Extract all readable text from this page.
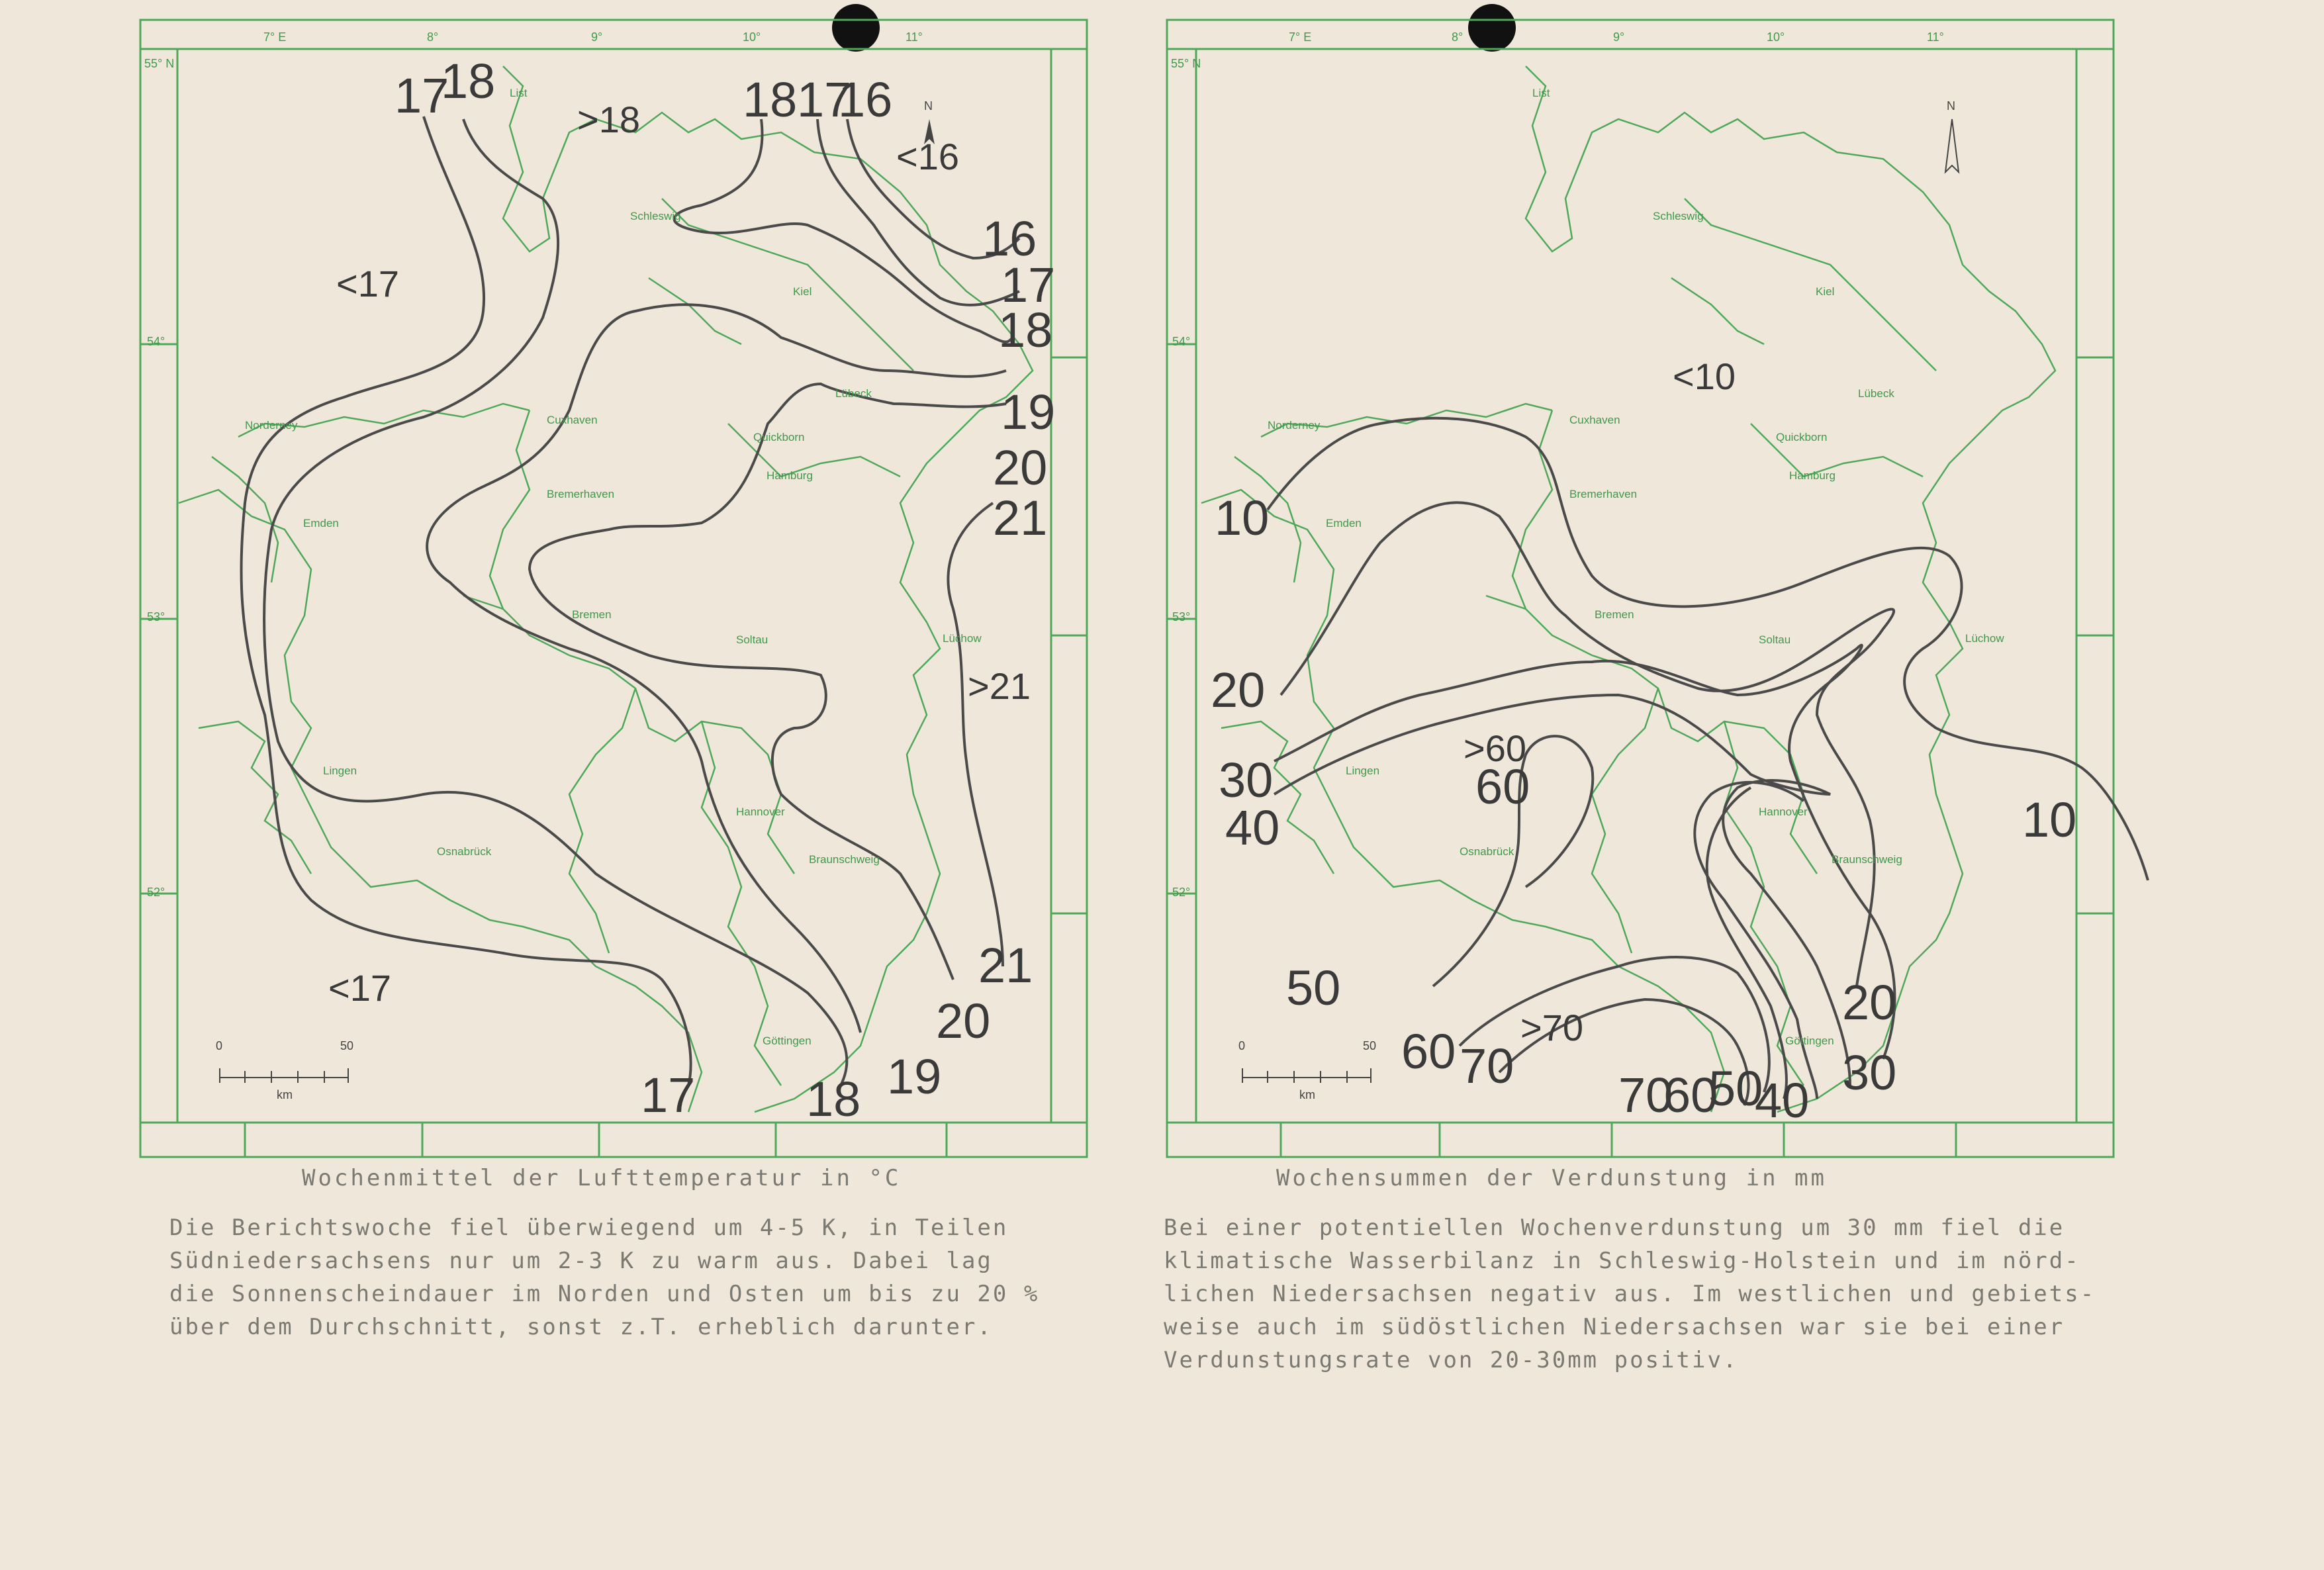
7° E	8°	9°	10°	11°
55° N
54°
53°
52°
17
18
>18 18 17
16
<16
16
17
18
19
20
21
<17
>21
21
20
19
18
17
<17
List
Schleswig
Kiel
Lübeck
Norderney	Cuxhaven
Quickborn
Hamburg
Bremerhaven
Emden
Bremen
Soltau	Lüchow
Lingen
Hannover
Osnabrück
Braunschweig
Göttingen
N
0	50
km
Wochenmittel der Lufttemperatur in °C
Die Berichtswoche fiel überwiegend um 4-5 K, in Teilen
Südniedersachsens nur um 2-3 K zu warm aus. Dabei lag
die Sonnenscheindauer im Norden und Osten um bis zu 20 %
über dem Durchschnitt, sonst z.T. erheblich darunter.
7° E	8°	9°	10°	11°
55° N
54°
53°
52°
<10
10
20
30
40
>60
60
10
50	20
60 70
>70
70
60
50
40
30
List
Schleswig
Kiel
Lübeck
Norderney	Cuxhaven
Quickborn
Hamburg
Bremerhaven
Emden
Bremen
Soltau	Lüchow
Lingen
Hannover
Osnabrück
Braunschweig
Göttingen
N
0	50
km
Wochensummen der Verdunstung in mm
Bei einer potentiellen Wochenverdunstung um 30 mm fiel die
klimatische Wasserbilanz in Schleswig-Holstein und im nörd-
lichen Niedersachsen negativ aus. Im westlichen und gebiets-
weise auch im südöstlichen Niedersachsen war sie bei einer
Verdunstungsrate von 20-30mm positiv.
